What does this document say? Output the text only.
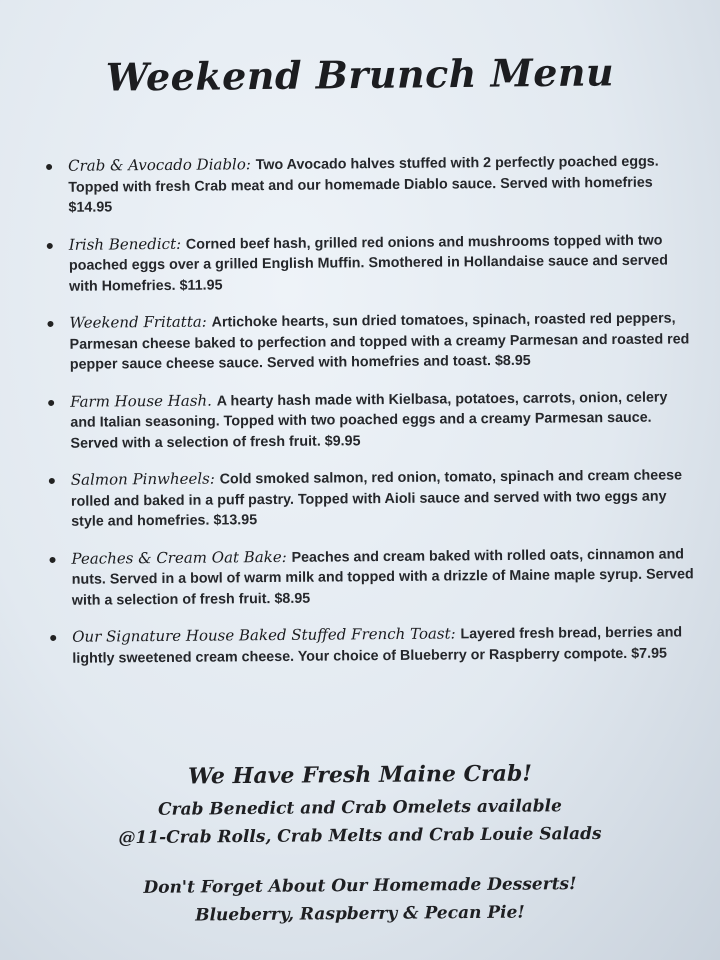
Weekend Brunch Menu
Crab & Avocado Diablo: Two Avocado halves stuffed with 2 perfectly poached eggs. Topped with fresh Crab meat and our homemade Diablo sauce. Served with homefries $14.95
Irish Benedict: Corned beef hash, grilled red onions and mushrooms topped with two poached eggs over a grilled English Muffin. Smothered in Hollandaise sauce and served with Homefries. $11.95
Weekend Fritatta: Artichoke hearts, sun dried tomatoes, spinach, roasted red peppers, Parmesan cheese baked to perfection and topped with a creamy Parmesan and roasted red pepper sauce cheese sauce. Served with homefries and toast. $8.95
Farm House Hash. A hearty hash made with Kielbasa, potatoes, carrots, onion, celery and Italian seasoning. Topped with two poached eggs and a creamy Parmesan sauce. Served with a selection of fresh fruit. $9.95
Salmon Pinwheels: Cold smoked salmon, red onion, tomato, spinach and cream cheese rolled and baked in a puff pastry. Topped with Aioli sauce and served with two eggs any style and homefries. $13.95
Peaches & Cream Oat Bake: Peaches and cream baked with rolled oats, cinnamon and nuts. Served in a bowl of warm milk and topped with a drizzle of Maine maple syrup. Served with a selection of fresh fruit. $8.95
Our Signature House Baked Stuffed French Toast: Layered fresh bread, berries and lightly sweetened cream cheese. Your choice of Blueberry or Raspberry compote. $7.95
We Have Fresh Maine Crab!
Crab Benedict and Crab Omelets available
@11-Crab Rolls, Crab Melts and Crab Louie Salads
Don't Forget About Our Homemade Desserts!
Blueberry, Raspberry & Pecan Pie!
